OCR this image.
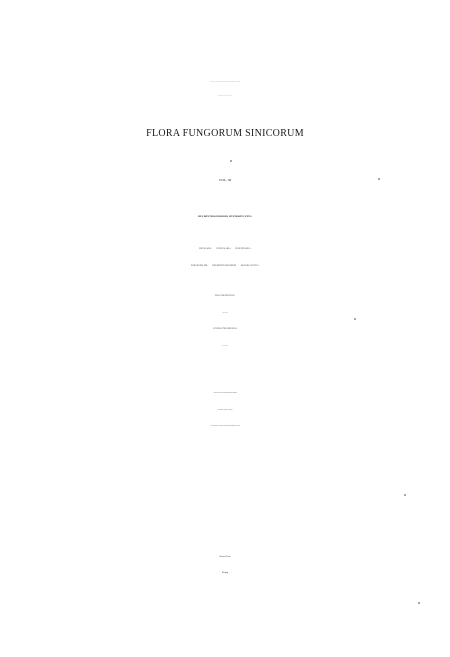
CONSILIO FLORARUM CRYPTOGAMARUM SINICARUM
ACADEMIAE SINICAE EDITA
FLORA FUNGORUM SINICORUM
VOL. 30
HELMINTHOSPORIOID HYPHOMYCETES
BIPOLARIS CURVULARIA DRECHSLERA
EXSEROHILUM HELMINTHOSPORIUM MARIELLIOTTIA
REDACTOR PRINCIPALIS
Zhang Tianyu
VICE REDACTOR PRINCIPALIS
Sun Guangyu
A Major Project of the Knowledge Innovation Program
of the Chinese Academy of Sciences
A Major Project of the National Natural Science Foundation of China
Science Press
Beijing
